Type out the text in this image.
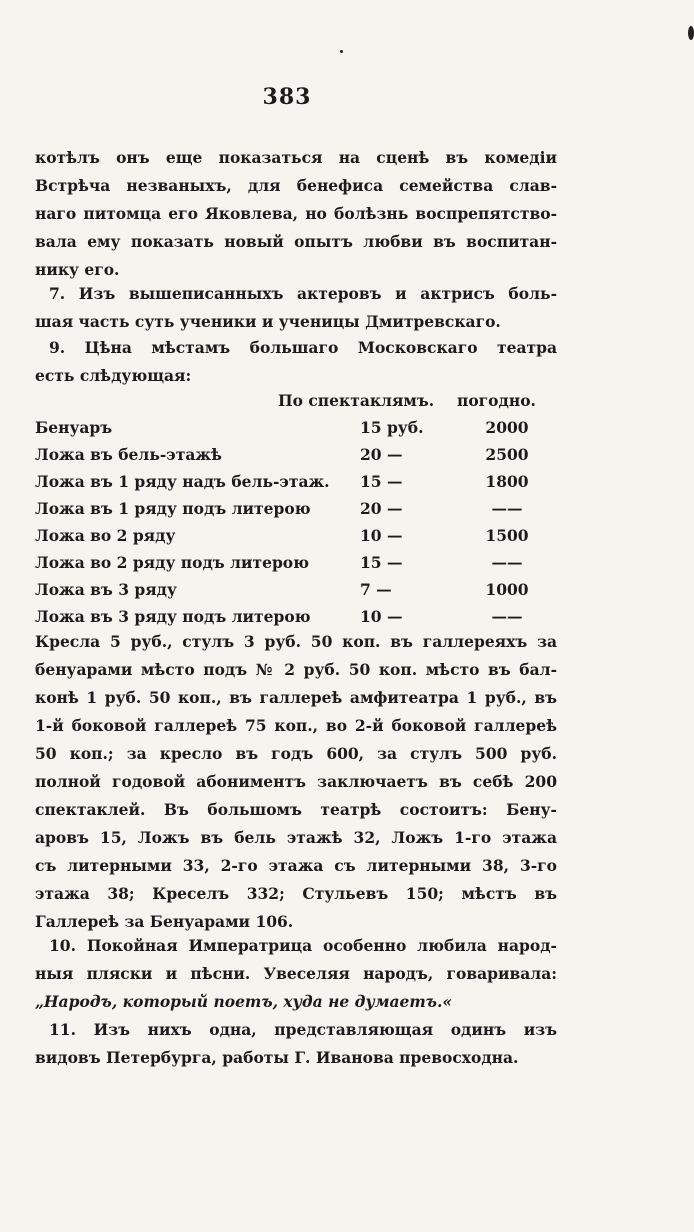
383
котѣлъ онъ еще показаться на сценѣ въ комедіи
Встрѣча незваныхъ, для бенефиса семейства слав-
наго питомца его Яковлева, но болѣзнь воспрепятство-
вала ему показать новый опытъ любви въ воспитан-
нику его.
7. Изъ вышеписанныхъ актеровъ и актрисъ боль-
шая часть суть ученики и ученицы Дмитревскаго.
9. Цѣна мѣстамъ большаго Московскаго театра
есть слѣдующая:
По спектаклямъ. погодно.
Бенуаръ	15 руб.	2000
Ложа въ бель-этажѣ	20 —	2500
Ложа въ 1 ряду надъ бель-этаж. 15 —	1800
Ложа въ 1 ряду подъ литерою	20 —	——
Ложа во 2 ряду	10 —	1500
Ложа во 2 ряду подъ литерою	15 —	——
Ложа въ 3 ряду	7 —	1000
Ложа въ 3 ряду подъ литерою	10 —	——
Кресла 5 руб., стулъ 3 руб. 50 коп. въ галлереяхъ за
бенуарами мѣсто подъ № 2 руб. 50 коп. мѣсто въ бал-
конѣ 1 руб. 50 коп., въ галлереѣ амфитеатра 1 руб., въ
1-й боковой галлереѣ 75 коп., во 2-й боковой галлереѣ
50 коп.; за кресло въ годъ 600, за стулъ 500 руб.
полной годовой абониментъ заключаетъ въ себѣ 200
спектаклей. Въ большомъ театрѣ состоитъ: Бену-
аровъ 15, Ложъ въ бель этажѣ 32, Ложъ 1-го этажа
съ литерными 33, 2-го этажа съ литерными 38, 3-го
этажа 38; Креселъ 332; Стульевъ 150; мѣстъ въ
Галлереѣ за Бенуарами 106.
10. Покойная Императрица особенно любила народ-
ныя пляски и пѣсни. Увеселяя народъ, говаривала:
„Народъ, который поетъ, худа не думаетъ.«
11. Изъ нихъ одна, представляющая одинъ изъ
видовъ Петербурга, работы Г. Иванова превосходна.
